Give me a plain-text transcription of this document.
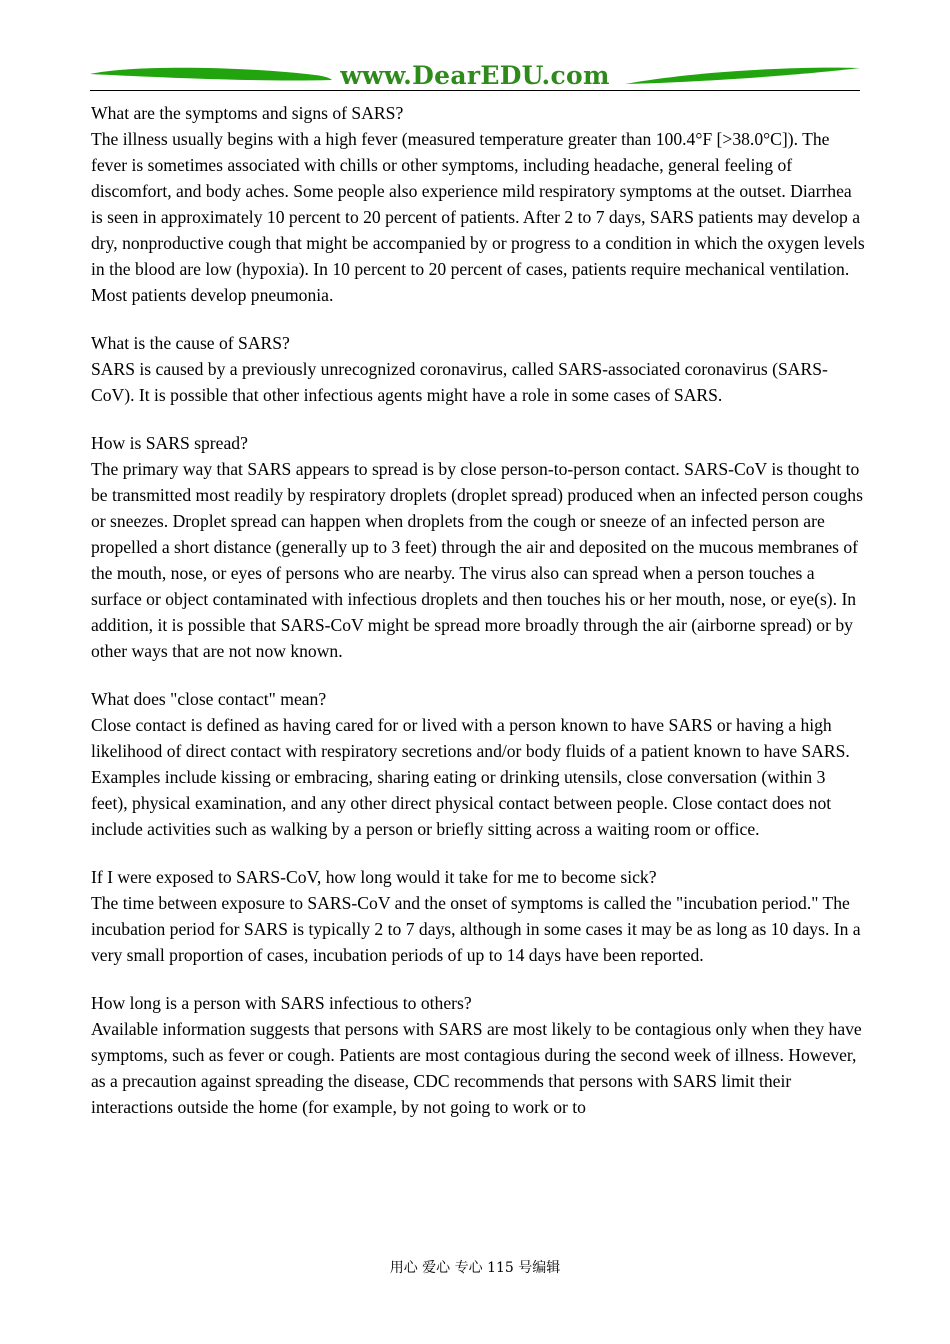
www.DearEDU.com

What are the symptoms and signs of SARS?

The illness usually begins with a high fever (measured temperature greater than 100.4°F [>38.0°C]). The fever is sometimes associated with chills or other symptoms, including headache, general feeling of discomfort, and body aches. Some people also experience mild respiratory symptoms at the outset. Diarrhea is seen in approximately 10 percent to 20 percent of patients. After 2 to 7 days, SARS patients may develop a dry, nonproductive cough that might be accompanied by or progress to a condition in which the oxygen levels in the blood are low (hypoxia). In 10 percent to 20 percent of cases, patients require mechanical ventilation. Most patients develop pneumonia.

What is the cause of SARS?

SARS is caused by a previously unrecognized coronavirus, called SARS-associated coronavirus (SARS-CoV). It is possible that other infectious agents might have a role in some cases of SARS.

How is SARS spread?

The primary way that SARS appears to spread is by close person-to-person contact. SARS-CoV is thought to be transmitted most readily by respiratory droplets (droplet spread) produced when an infected person coughs or sneezes. Droplet spread can happen when droplets from the cough or sneeze of an infected person are propelled a short distance (generally up to 3 feet) through the air and deposited on the mucous membranes of the mouth, nose, or eyes of persons who are nearby. The virus also can spread when a person touches a surface or object contaminated with infectious droplets and then touches his or her mouth, nose, or eye(s). In addition, it is possible that SARS-CoV might be spread more broadly through the air (airborne spread) or by other ways that are not now known.

What does "close contact" mean?

Close contact is defined as having cared for or lived with a person known to have SARS or having a high likelihood of direct contact with respiratory secretions and/or body fluids of a patient known to have SARS. Examples include kissing or embracing, sharing eating or drinking utensils, close conversation (within 3 feet), physical examination, and any other direct physical contact between people. Close contact does not include activities such as walking by a person or briefly sitting across a waiting room or office.

If I were exposed to SARS-CoV, how long would it take for me to become sick?

The time between exposure to SARS-CoV and the onset of symptoms is called the "incubation period." The incubation period for SARS is typically 2 to 7 days, although in some cases it may be as long as 10 days. In a very small proportion of cases, incubation periods of up to 14 days have been reported.

How long is a person with SARS infectious to others?

Available information suggests that persons with SARS are most likely to be contagious only when they have symptoms, such as fever or cough. Patients are most contagious during the second week of illness. However, as a precaution against spreading the disease, CDC recommends that persons with SARS limit their interactions outside the home (for example, by not going to work or to

用心 爱心 专心 115 号编辑
